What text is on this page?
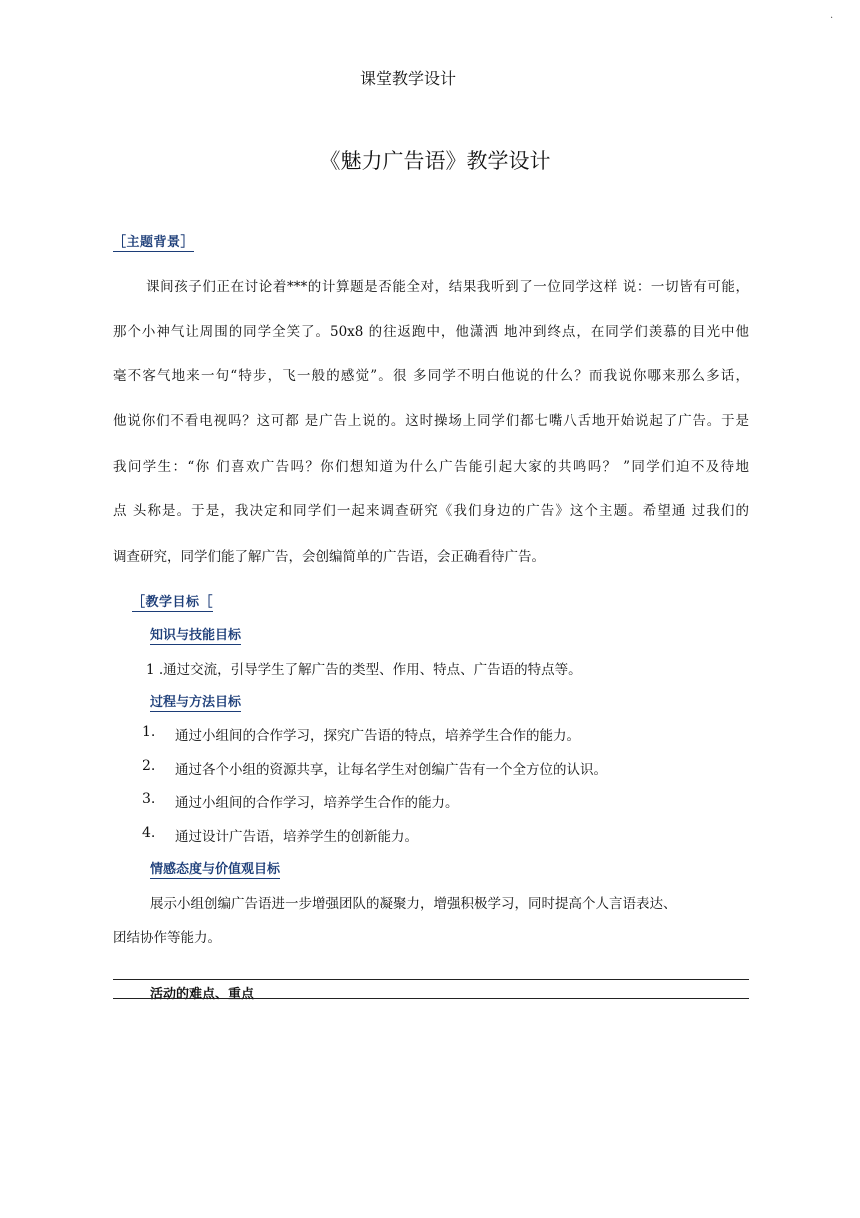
.
课堂教学设计
《魅力广告语》教学设计
［主题背景］
课间孩子们正在讨论着***的计算题是否能全对，结果我听到了一位同学这样 说：一切皆有可能，
那个小神气让周围的同学全笑了。50x8 的往返跑中，他潇洒 地冲到终点，在同学们羡慕的目光中他
毫不客气地来一句“特步，飞一般的感觉”。很 多同学不明白他说的什么？而我说你哪来那么多话，
他说你们不看电视吗？这可都 是广告上说的。这时操场上同学们都七嘴八舌地开始说起了广告。于是
我问学生：“你 们喜欢广告吗？你们想知道为什么广告能引起大家的共鸣吗？ ”同学们迫不及待地
点 头称是。于是，我决定和同学们一起来调查研究《我们身边的广告》这个主题。希望通 过我们的
调查研究，同学们能了解广告，会创编简单的广告语，会正确看待广告。
［教学目标［
知识与技能目标
1 .通过交流，引导学生了解广告的类型、作用、特点、广告语的特点等。
过程与方法目标
1. 通过小组间的合作学习，探究广告语的特点，培养学生合作的能力。
2. 通过各个小组的资源共享，让每名学生对创编广告有一个全方位的认识。
3. 通过小组间的合作学习，培养学生合作的能力。
4. 通过设计广告语，培养学生的创新能力。
情感态度与价值观目标
展示小组创编广告语进一步增强团队的凝聚力，增强积极学习，同时提高个人言语表达、
团结协作等能力。
活动的难点、重点
